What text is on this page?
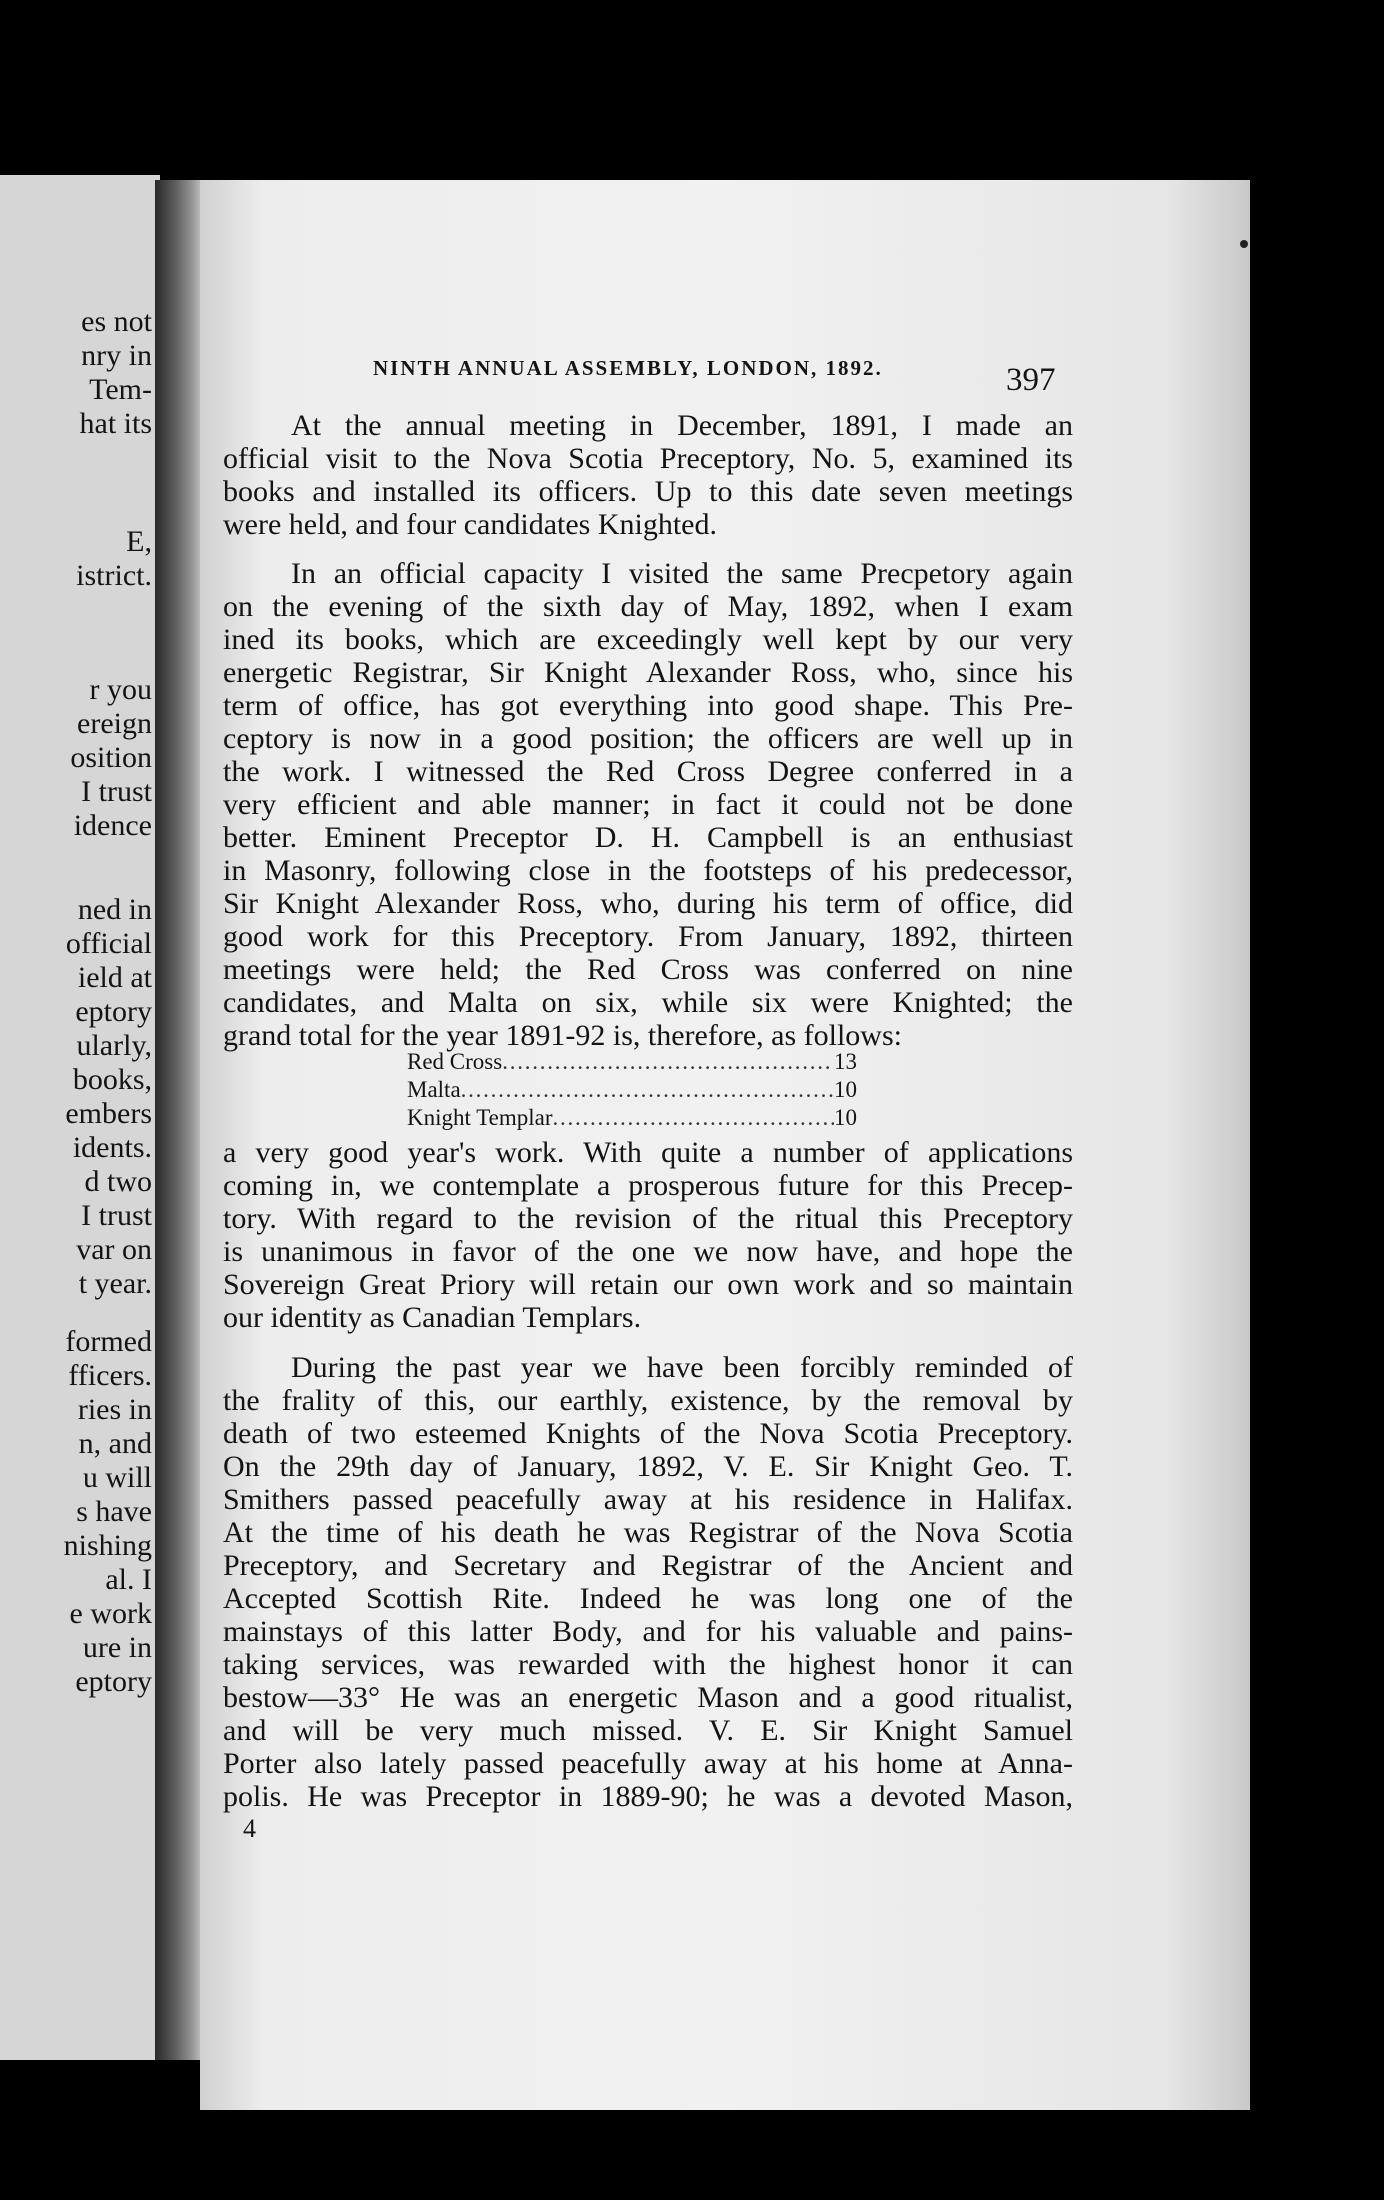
es not
nry in
Tem-
hat its
E,
istrict.
r you
ereign
osition
I trust
idence
ned in
official
ield at
eptory
ularly,
books,
embers
idents.
d two
I trust
var on
t year.
formed
fficers.
ries in
n, and
u will
s have
nishing
al. I
e work
ure in
eptory
NINTH ANNUAL ASSEMBLY, LONDON, 1892.	397
At the annual meeting in December, 1891, I made an
official visit to the Nova Scotia Preceptory, No. 5, examined its
books and installed its officers. Up to this date seven meetings
were held, and four candidates Knighted.
In an official capacity I visited the same Precpetory again
on the evening of the sixth day of May, 1892, when I exam
ined its books, which are exceedingly well kept by our very
energetic Registrar, Sir Knight Alexander Ross, who, since his
term of office, has got everything into good shape. This Pre-
ceptory is now in a good position; the officers are well up in
the work. I witnessed the Red Cross Degree conferred in a
very efficient and able manner; in fact it could not be done
better. Eminent Preceptor D. H. Campbell is an enthusiast
in Masonry, following close in the footsteps of his predecessor,
Sir Knight Alexander Ross, who, during his term of office, did
good work for this Preceptory. From January, 1892, thirteen
meetings were held; the Red Cross was conferred on nine
candidates, and Malta on six, while six were Knighted; the
grand total for the year 1891-92 is, therefore, as follows:
Red Cross . . .	13
Malta . . .	10
Knight Templar . . .	10
a very good year's work. With quite a number of applications
coming in, we contemplate a prosperous future for this Precep-
tory. With regard to the revision of the ritual this Preceptory
is unanimous in favor of the one we now have, and hope the
Sovereign Great Priory will retain our own work and so maintain
our identity as Canadian Templars.
During the past year we have been forcibly reminded of
the frality of this, our earthly, existence, by the removal by
death of two esteemed Knights of the Nova Scotia Preceptory.
On the 29th day of January, 1892, V. E. Sir Knight Geo. T.
Smithers passed peacefully away at his residence in Halifax.
At the time of his death he was Registrar of the Nova Scotia
Preceptory, and Secretary and Registrar of the Ancient and
Accepted Scottish Rite. Indeed he was long one of the
mainstays of this latter Body, and for his valuable and pains-
taking services, was rewarded with the highest honor it can
bestow—33° He was an energetic Mason and a good ritualist,
and will be very much missed. V. E. Sir Knight Samuel
Porter also lately passed peacefully away at his home at Anna-
polis. He was Preceptor in 1889-90; he was a devoted Mason,
4
